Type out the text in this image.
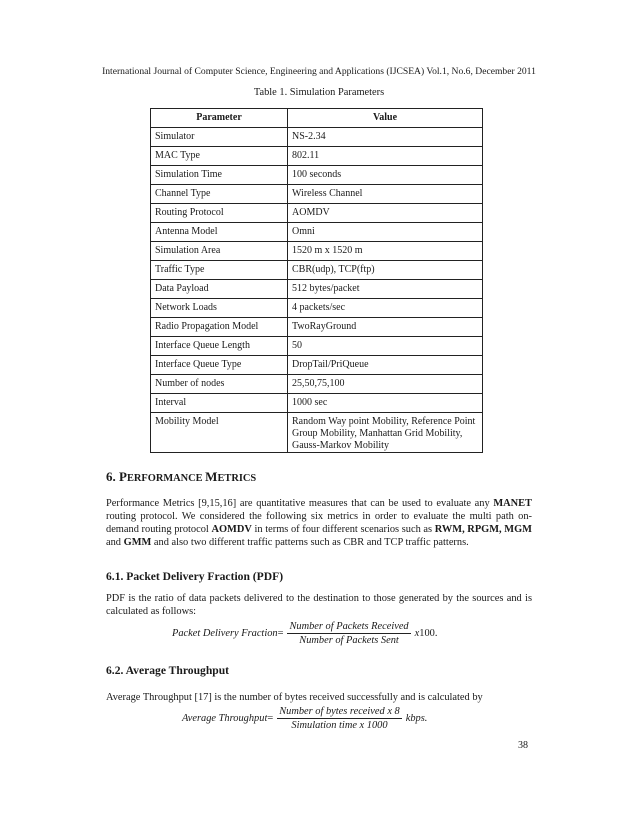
International Journal of Computer Science, Engineering and Applications (IJCSEA) Vol.1, No.6, December 2011
Table 1. Simulation Parameters
Parameter	Value
Simulator	NS-2.34
MAC Type	802.11
Simulation Time	100 seconds
Channel Type	Wireless Channel
Routing Protocol	AOMDV
Antenna Model	Omni
Simulation Area	1520 m x 1520 m
Traffic Type	CBR(udp), TCP(ftp)
Data Payload	512 bytes/packet
Network Loads	4 packets/sec
Radio Propagation Model	TwoRayGround
Interface Queue Length	50
Interface Queue Type	DropTail/PriQueue
Number of nodes	25,50,75,100
Interval	1000 sec
Mobility Model	Random Way point Mobility, Reference Point Group Mobility, Manhattan Grid Mobility, Gauss-Markov Mobility
6. PERFORMANCE METRICS
Performance Metrics [9,15,16] are quantitative measures that can be used to evaluate any MANET routing protocol. We considered the following six metrics in order to evaluate the multi path on-demand routing protocol AOMDV in terms of four different scenarios such as RWM, RPGM, MGM and GMM and also two different traffic patterns such as CBR and TCP traffic patterns.
6.1. Packet Delivery Fraction (PDF)
PDF is the ratio of data packets delivered to the destination to those generated by the sources and is calculated as follows:
Packet Delivery Fraction = $\frac{\text{Number of Packets Received}}{\text{Number of Packets Sent}}$ x 100.
6.2. Average Throughput
Average Throughput [17] is the number of bytes received successfully and is calculated by
Average Throughput = $\frac{\text{Number of bytes received x 8}}{\text{Simulation time x 1000}}$ kbps.
38
